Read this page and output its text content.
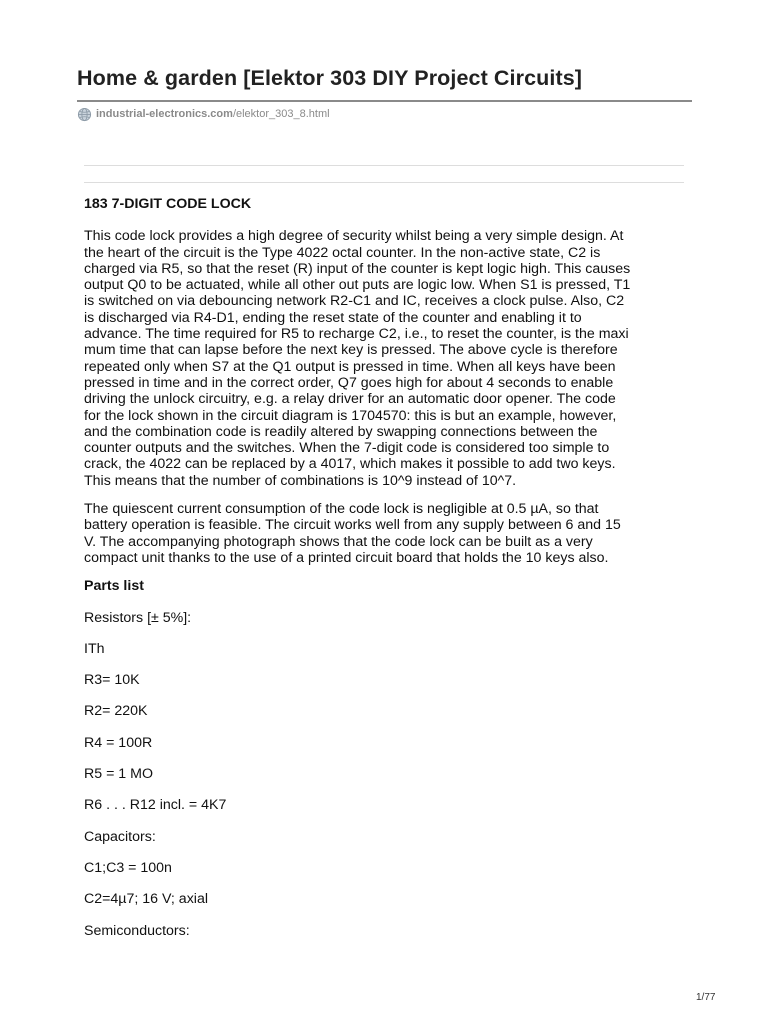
Home & garden [Elektor 303 DIY Project Circuits]
industrial-electronics.com /elektor_303_8.html
183 7-DIGIT CODE LOCK
This code lock provides a high degree of security whilst being a very simple design. At
the heart of the circuit is the Type 4022 octal counter. In the non-active state, C2 is
charged via R5, so that the reset (R) input of the counter is kept logic high. This causes
output Q0 to be actuated, while all other out puts are logic low. When S1 is pressed, T1
is switched on via debouncing network R2-C1 and IC, receives a clock pulse. Also, C2
is discharged via R4-D1, ending the reset state of the counter and enabling it to
advance. The time required for R5 to recharge C2, i.e., to reset the counter, is the maxi
mum time that can lapse before the next key is pressed. The above cycle is therefore
repeated only when S7 at the Q1 output is pressed in time. When all keys have been
pressed in time and in the correct order, Q7 goes high for about 4 seconds to enable
driving the unlock circuitry, e.g. a relay driver for an automatic door opener. The code
for the lock shown in the circuit diagram is 1704570: this is but an example, however,
and the combination code is readily altered by swapping connections between the
counter outputs and the switches. When the 7-digit code is considered too simple to
crack, the 4022 can be replaced by a 4017, which makes it possible to add two keys.
This means that the number of combinations is 10^9 instead of 10^7.
The quiescent current consumption of the code lock is negligible at 0.5 µA, so that
battery operation is feasible. The circuit works well from any supply between 6 and 15
V. The accompanying photograph shows that the code lock can be built as a very
compact unit thanks to the use of a printed circuit board that holds the 10 keys also.
Parts list
Resistors [± 5%]:
ITh
R3= 10K
R2= 220K
R4 = 100R
R5 = 1 MO
R6 . . . R12 incl. = 4K7
Capacitors:
C1;C3 = 100n
C2=4µ7; 16 V; axial
Semiconductors:
1/77
